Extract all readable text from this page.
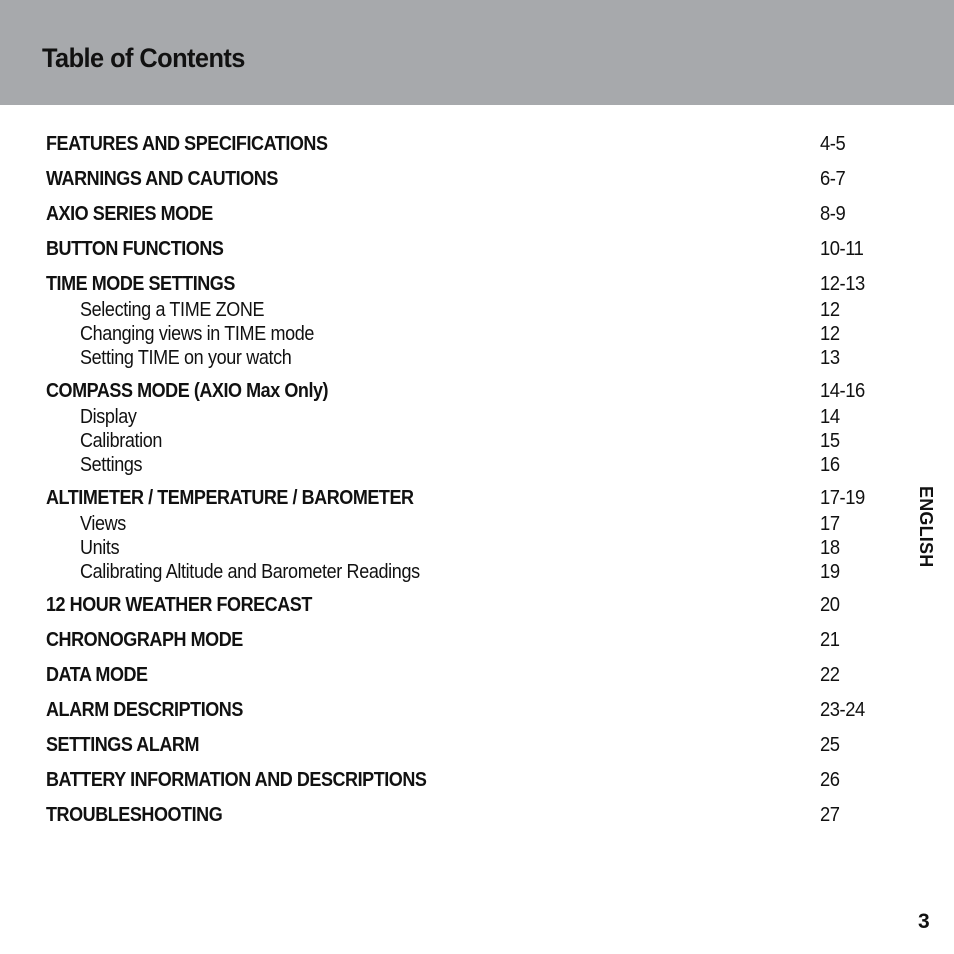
Table of Contents
FEATURES AND SPECIFICATIONS	4-5
WARNINGS AND CAUTIONS	6-7
AXIO SERIES MODE	8-9
BUTTON FUNCTIONS	10-11
TIME MODE SETTINGS	12-13
Selecting a TIME ZONE	12
Changing views in TIME mode	12
Setting TIME on your watch	13
COMPASS MODE (AXIO Max Only)	14-16
Display	14
Calibration	15
Settings	16
ALTIMETER / TEMPERATURE / BAROMETER	17-19
Views	17
Units	18
Calibrating Altitude and Barometer Readings	19
12 HOUR WEATHER FORECAST	20
CHRONOGRAPH MODE	21
DATA MODE	22
ALARM DESCRIPTIONS	23-24
SETTINGS ALARM	25
BATTERY INFORMATION AND DESCRIPTIONS	26
TROUBLESHOOTING	27
ENGLISH
3
